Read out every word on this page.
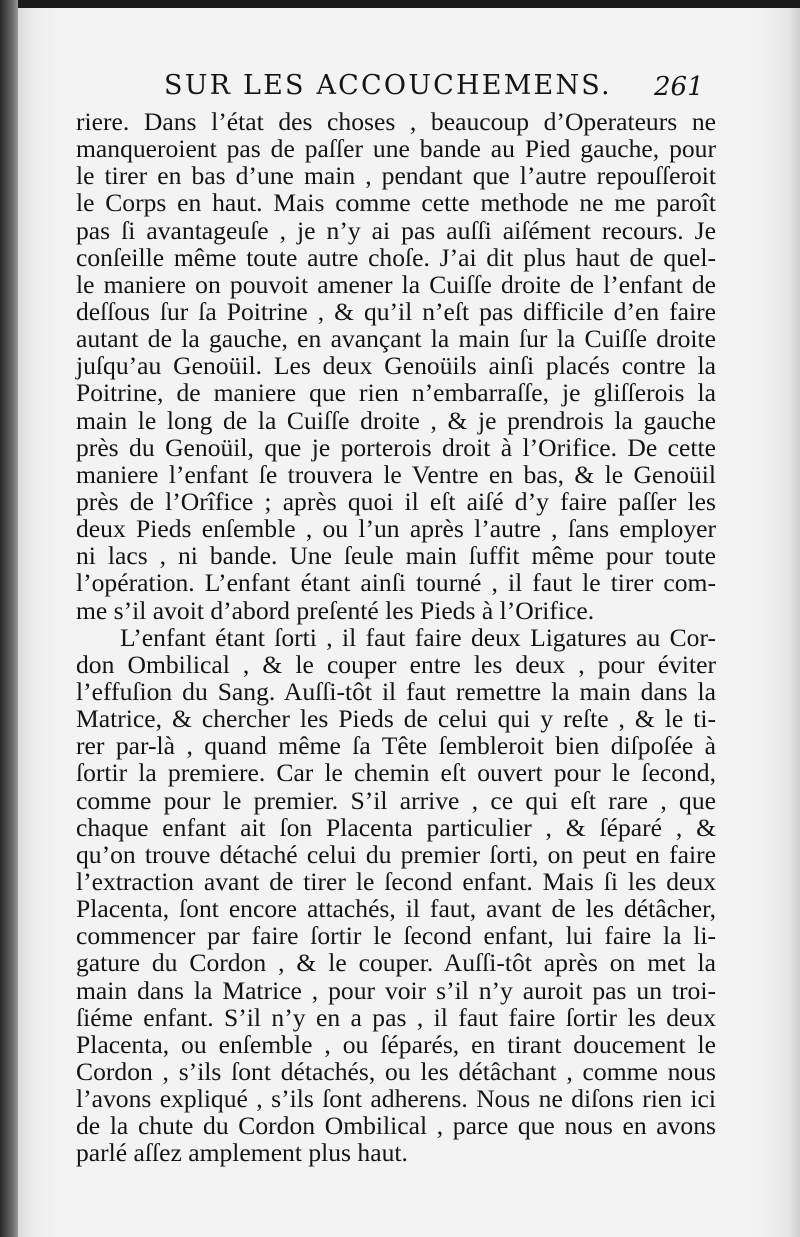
SUR LES ACCOUCHEMENS. 261
riere. Dans l’état des choses , beaucoup d’Operateurs ne
manqueroient pas de paſſer une bande au Pied gauche, pour
le tirer en bas d’une main , pendant que l’autre repouſſeroit
le Corps en haut. Mais comme cette methode ne me paroît
pas ſi avantageuſe , je n’y ai pas auſſi aiſément recours. Je
conſeille même toute autre choſe. J’ai dit plus haut de quel-
le maniere on pouvoit amener la Cuiſſe droite de l’enfant de
deſſous ſur ſa Poitrine , & qu’il n’eſt pas difficile d’en faire
autant de la gauche, en avançant la main ſur la Cuiſſe droite
juſqu’au Genoüil. Les deux Genoüils ainſi placés contre la
Poitrine, de maniere que rien n’embarraſſe, je gliſſerois la
main le long de la Cuiſſe droite , & je prendrois la gauche
près du Genoüil, que je porterois droit à l’Orifice. De cette
maniere l’enfant ſe trouvera le Ventre en bas, & le Genoüil
près de l’Orîfice ; après quoi il eſt aiſé d’y faire paſſer les
deux Pieds enſemble , ou l’un après l’autre , ſans employer
ni lacs , ni bande. Une ſeule main ſuffit même pour toute
l’opération. L’enfant étant ainſi tourné , il faut le tirer com-
me s’il avoit d’abord preſenté les Pieds à l’Orifice.
L’enfant étant ſorti , il faut faire deux Ligatures au Cor-
don Ombilical , & le couper entre les deux , pour éviter
l’effuſion du Sang. Auſſi-tôt il faut remettre la main dans la
Matrice, & chercher les Pieds de celui qui y reſte , & le ti-
rer par-là , quand même ſa Tête ſembleroit bien diſpoſée à
ſortir la premiere. Car le chemin eſt ouvert pour le ſecond,
comme pour le premier. S’il arrive , ce qui eſt rare , que
chaque enfant ait ſon Placenta particulier , & ſéparé , &
qu’on trouve détaché celui du premier ſorti, on peut en faire
l’extraction avant de tirer le ſecond enfant. Mais ſi les deux
Placenta, ſont encore attachés, il faut, avant de les détâcher,
commencer par faire ſortir le ſecond enfant, lui faire la li-
gature du Cordon , & le couper. Auſſi-tôt après on met la
main dans la Matrice , pour voir s’il n’y auroit pas un troi-
ſiéme enfant. S’il n’y en a pas , il faut faire ſortir les deux
Placenta, ou enſemble , ou ſéparés, en tirant doucement le
Cordon , s’ils ſont détachés, ou les détâchant , comme nous
l’avons expliqué , s’ils ſont adherens. Nous ne diſons rien ici
de la chute du Cordon Ombilical , parce que nous en avons
parlé aſſez amplement plus haut.
